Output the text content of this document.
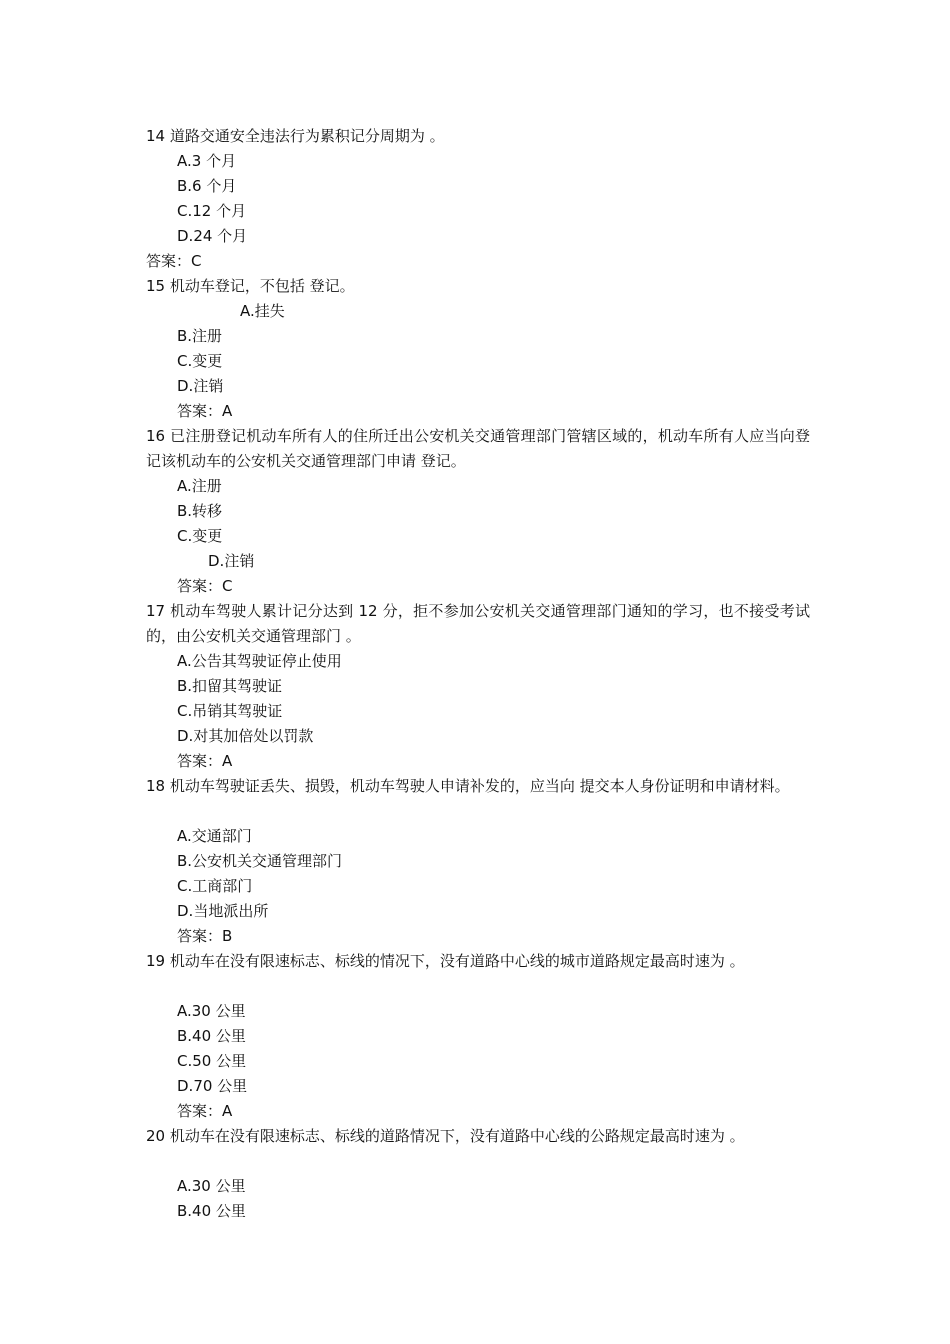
14 道路交通安全违法行为累积记分周期为 。
A.3 个月
B.6 个月
C.12 个月
D.24 个月
答案：C
15 机动车登记，不包括 登记。
A.挂失
B.注册
C.变更
D.注销
答案：A
16 已注册登记机动车所有人的住所迁出公安机关交通管理部门管辖区域的，机动车所有人应当向登记该机动车的公安机关交通管理部门申请 登记。
A.注册
B.转移
C.变更
D.注销
答案：C
17 机动车驾驶人累计记分达到 12 分，拒不参加公安机关交通管理部门通知的学习，也不接受考试的，由公安机关交通管理部门 。
A.公告其驾驶证停止使用
B.扣留其驾驶证
C.吊销其驾驶证
D.对其加倍处以罚款
答案：A
18 机动车驾驶证丢失、损毁，机动车驾驶人申请补发的，应当向 提交本人身份证明和申请材料。
A.交通部门
B.公安机关交通管理部门
C.工商部门
D.当地派出所
答案：B
19 机动车在没有限速标志、标线的情况下，没有道路中心线的城市道路规定最高时速为 。
A.30 公里
B.40 公里
C.50 公里
D.70 公里
答案：A
20 机动车在没有限速标志、标线的道路情况下，没有道路中心线的公路规定最高时速为 。
A.30 公里
B.40 公里
